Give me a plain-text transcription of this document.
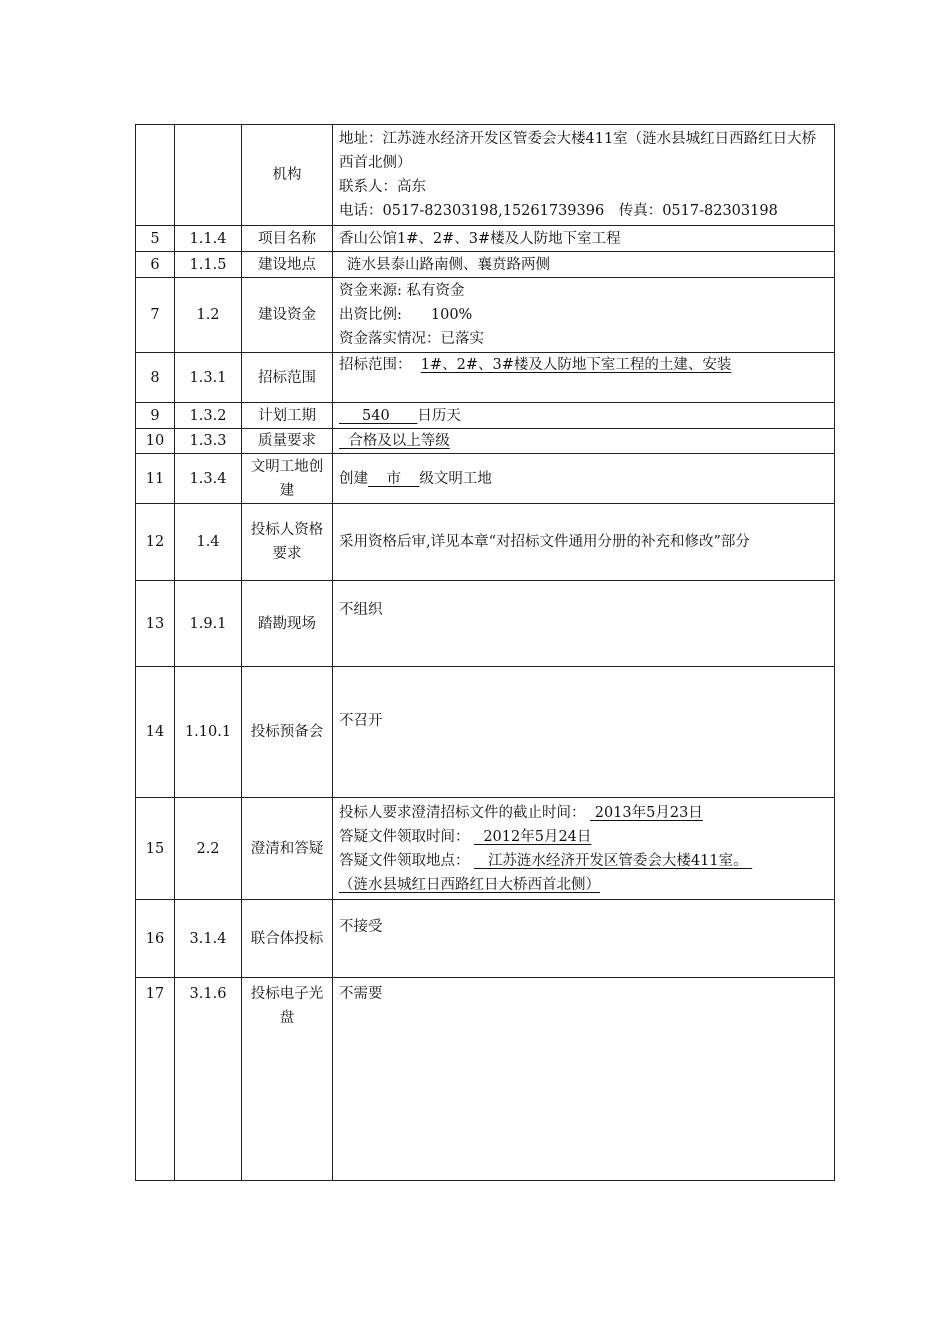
		机构	地址：江苏涟水经济开发区管委会大楼411室（涟水县城红日西路红日大桥西首北侧）
联系人：高东
电话：0517-82303198,15261739396　传真：0517-82303198

5	1.1.4	项目名称	香山公馆1#、2#、3#楼及人防地下室工程
6	1.1.5	建设地点	涟水县泰山路南侧、襄贲路两侧
7	1.2	建设资金	资金来源: 私有资金
出资比例:　　100%
资金落实情况：已落实

8	1.3.1	招标范围	招标范围： 1#、2#、3#楼及人防地下室工程的土建、安装
9	1.3.2	计划工期	540 日历天
10	1.3.3	质量要求	合格及以上等级
11	1.3.4	文明工地创建	创建 市 级文明工地
12	1.4	投标人资格要求	采用资格后审,详见本章“对招标文件通用分册的补充和修改”部分
13	1.9.1	踏勘现场	不组织
14	1.10.1	投标预备会	不召开
15	2.2	澄清和答疑	投标人要求澄清招标文件的截止时间： 2013年5月23日
答疑文件领取时间： 2012年5月24日
答疑文件领取地点： 江苏涟水经济开发区管委会大楼411室。
（涟水县城红日西路红日大桥西首北侧）

16	3.1.4	联合体投标	不接受
17	3.1.6	投标电子光盘	不需要
